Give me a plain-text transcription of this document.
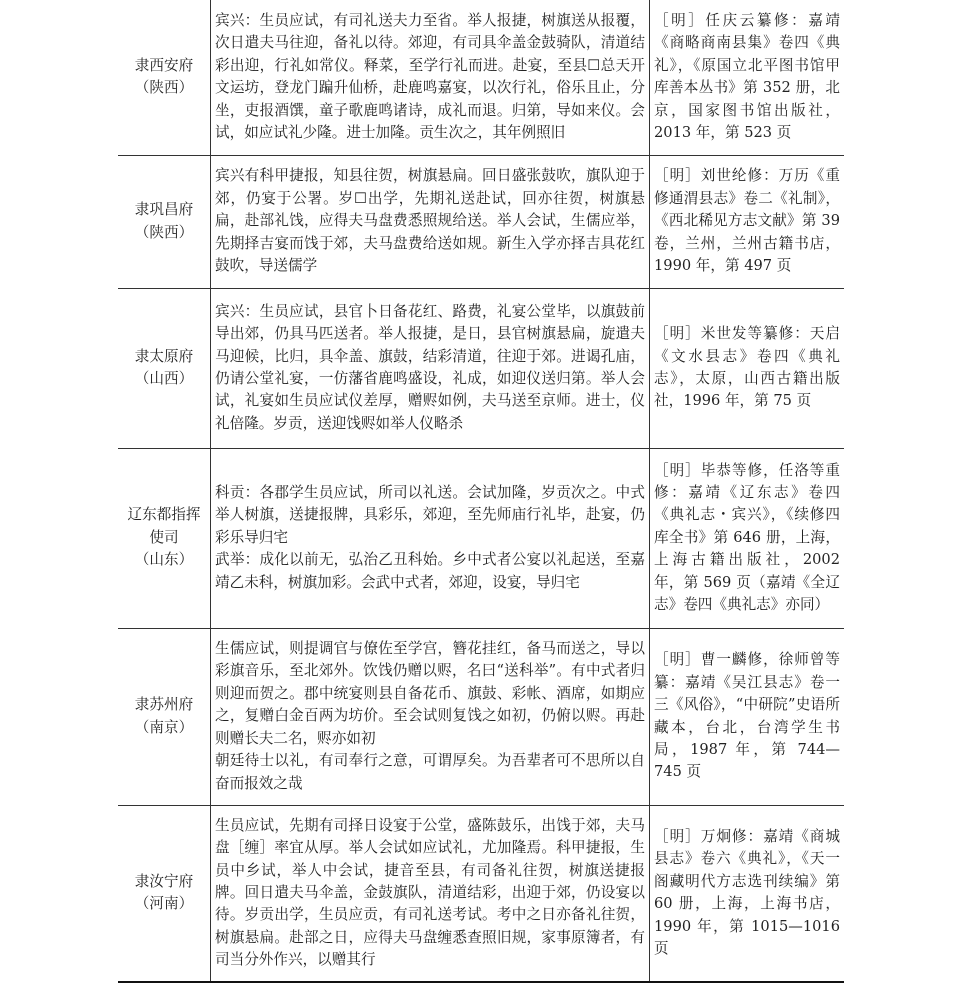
隶西安府
（陕西）	宾兴：生员应试，有司礼送夫力至省。举人报捷，树旗送从报覆，次日遣夫马往迎，备礼以待。郊迎，有司具伞盖金鼓骑队，清道结彩出迎，行礼如常仪。释菜，至学行礼而进。赴宴，至县☐总天开文运坊，登龙门蹁升仙桥，赴鹿鸣嘉宴，以次行礼，俗乐且止，分坐，吏报酒馔，童子歌鹿鸣诸诗，成礼而退。归第，导如来仪。会试，如应试礼少隆。进士加隆。贡生次之，其年例照旧	［明］任庆云纂修：嘉靖《商略商南县集》卷四《典礼》，《原国立北平图书馆甲库善本丛书》第 352 册，北京，国家图书馆出版社，2013 年，第 523 页

隶巩昌府
（陕西）	宾兴有科甲捷报，知县往贺，树旗悬扁。回日盛张鼓吹，旗队迎于郊，仍宴于公署。岁☐出学，先期礼送赴试，回亦往贺，树旗悬扁，赴部礼饯，应得夫马盘费悉照规给送。举人会试，生儒应举，先期择吉宴而饯于郊，夫马盘费给送如规。新生入学亦择吉具花红鼓吹，导送儒学	［明］刘世纶修：万历《重修通渭县志》卷二《礼制》，《西北稀见方志文献》第 39 卷，兰州，兰州古籍书店，1990 年，第 497 页

隶太原府
（山西）	宾兴：生员应试，县官卜日备花红、路费，礼宴公堂毕，以旗鼓前导出郊，仍具马匹送者。举人报捷，是日，县官树旗悬扁，旋遣夫马迎候，比归，具伞盖、旗鼓，结彩清道，往迎于郊。进谒孔庙，仍请公堂礼宴，一仿藩省鹿鸣盛设，礼成，如迎仪送归第。举人会试，礼宴如生员应试仪差厚，赠赆如例，夫马送至京师。进士，仪礼倍隆。岁贡，送迎饯赆如举人仪略杀	［明］米世发等纂修：天启《文水县志》卷四《典礼志》，太原，山西古籍出版社，1996 年，第 75 页

辽东都指挥使司
（山东）	科贡：各郡学生员应试，所司以礼送。会试加隆，岁贡次之。中式举人树旗，送捷报牌，具彩乐，郊迎，至先师庙行礼毕，赴宴，仍彩乐导归宅
武举：成化以前无，弘治乙丑科始。乡中式者公宴以礼起送，至嘉靖乙未科，树旗加彩。会武中式者，郊迎，设宴，导归宅	［明］毕恭等修，任洛等重修：嘉靖《辽东志》卷四《典礼志・宾兴》，《续修四库全书》第 646 册，上海，上海古籍出版社，2002 年，第 569 页（嘉靖《全辽志》卷四《典礼志》亦同）

隶苏州府
（南京）	生儒应试，则提调官与僚佐至学宫，簪花挂红，备马而送之，导以彩旗音乐，至北郊外。饮饯仍赠以赆，名曰“送科举”。有中式者归则迎而贺之。郡中统宴则县自备花币、旗鼓、彩帐、酒席，如期应之，复赠白金百两为坊价。至会试则复饯之如初，仍俯以赆。再赴则赠长夫二名，赆亦如初
朝廷待士以礼，有司奉行之意，可谓厚矣。为吾辈者可不思所以自奋而报效之哉	［明］曹一麟修，徐师曾等纂：嘉靖《吴江县志》卷一三《风俗》，“中研院”史语所藏本，台北，台湾学生书局，1987 年，第 744—745 页

隶汝宁府
（河南）	生员应试，先期有司择日设宴于公堂，盛陈鼓乐，出饯于郊，夫马盘［缠］率宜从厚。举人会试如应试礼，尤加隆焉。科甲捷报，生员中乡试，举人中会试，捷音至县，有司备礼往贺，树旗送捷报牌。回日遣夫马伞盖，金鼓旗队，清道结彩，出迎于郊，仍设宴以待。岁贡出学，生员应贡，有司礼送考试。考中之日亦备礼往贺，树旗悬扁。赴部之日，应得夫马盘缠悉查照旧规，家事原簿者，有司当分外作兴，以赠其行	［明］万炯修：嘉靖《商城县志》卷六《典礼》，《天一阁藏明代方志选刊续编》第 60 册，上海，上海书店，1990 年，第 1015—1016 页
